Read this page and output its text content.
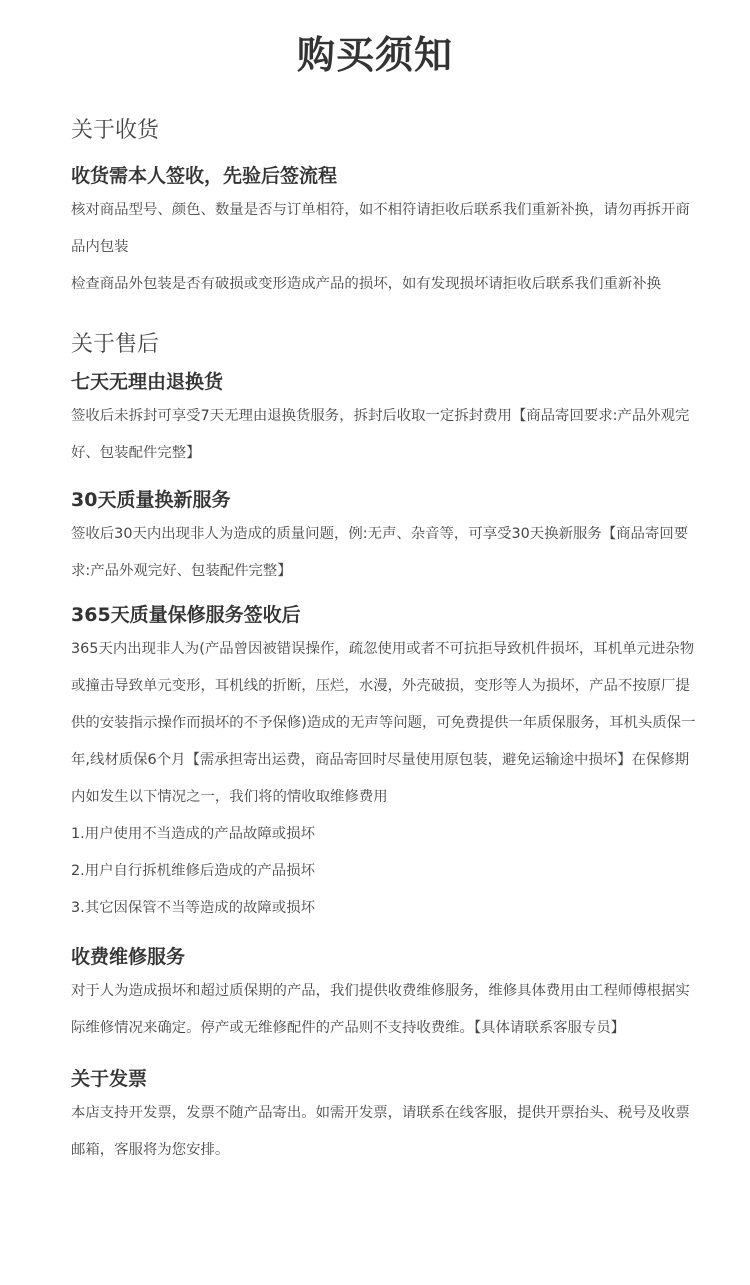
购买须知
关于收货
收货需本人签收，先验后签流程

核对商品型号、颜色、数量是否与订单相符，如不相符请拒收后联系我们重新补换，请勿再拆开商品内包装

检查商品外包装是否有破损或变形造成产品的损坏，如有发现损坏请拒收后联系我们重新补换

关于售后
七天无理由退换货

签收后未拆封可享受7天无理由退换货服务，拆封后收取一定拆封费用【商品寄回要求:产品外观完好、包装配件完整】

30天质量换新服务

签收后30天内出现非人为造成的质量问题，例:无声、杂音等，可享受30天换新服务【商品寄回要求:产品外观完好、包装配件完整】

365天质量保修服务签收后

365天内出现非人为(产品曾因被错误操作，疏忽使用或者不可抗拒导致机件损坏，耳机单元进杂物或撞击导致单元变形，耳机线的折断，压烂，水漫，外壳破损，变形等人为损坏，产品不按原厂提供的安装指示操作而损坏的不予保修)造成的无声等问题，可免费提供一年质保服务，耳机头质保一年,线材质保6个月【需承担寄出运费，商品寄回时尽量使用原包装，避免运输途中损坏】在保修期内如发生以下情况之一，我们将的情收取维修费用

1.用户使用不当造成的产品故障或损坏

2.用户自行拆机维修后造成的产品损坏

3.其它因保管不当等造成的故障或损坏

收费维修服务

对于人为造成损坏和超过质保期的产品，我们提供收费维修服务，维修具体费用由工程师傅根据实际维修情况来确定。停产或无维修配件的产品则不支持收费维。【具体请联系客服专员】

关于发票

本店支持开发票，发票不随产品寄出。如需开发票，请联系在线客服，提供开票抬头、税号及收票邮箱，客服将为您安排。
